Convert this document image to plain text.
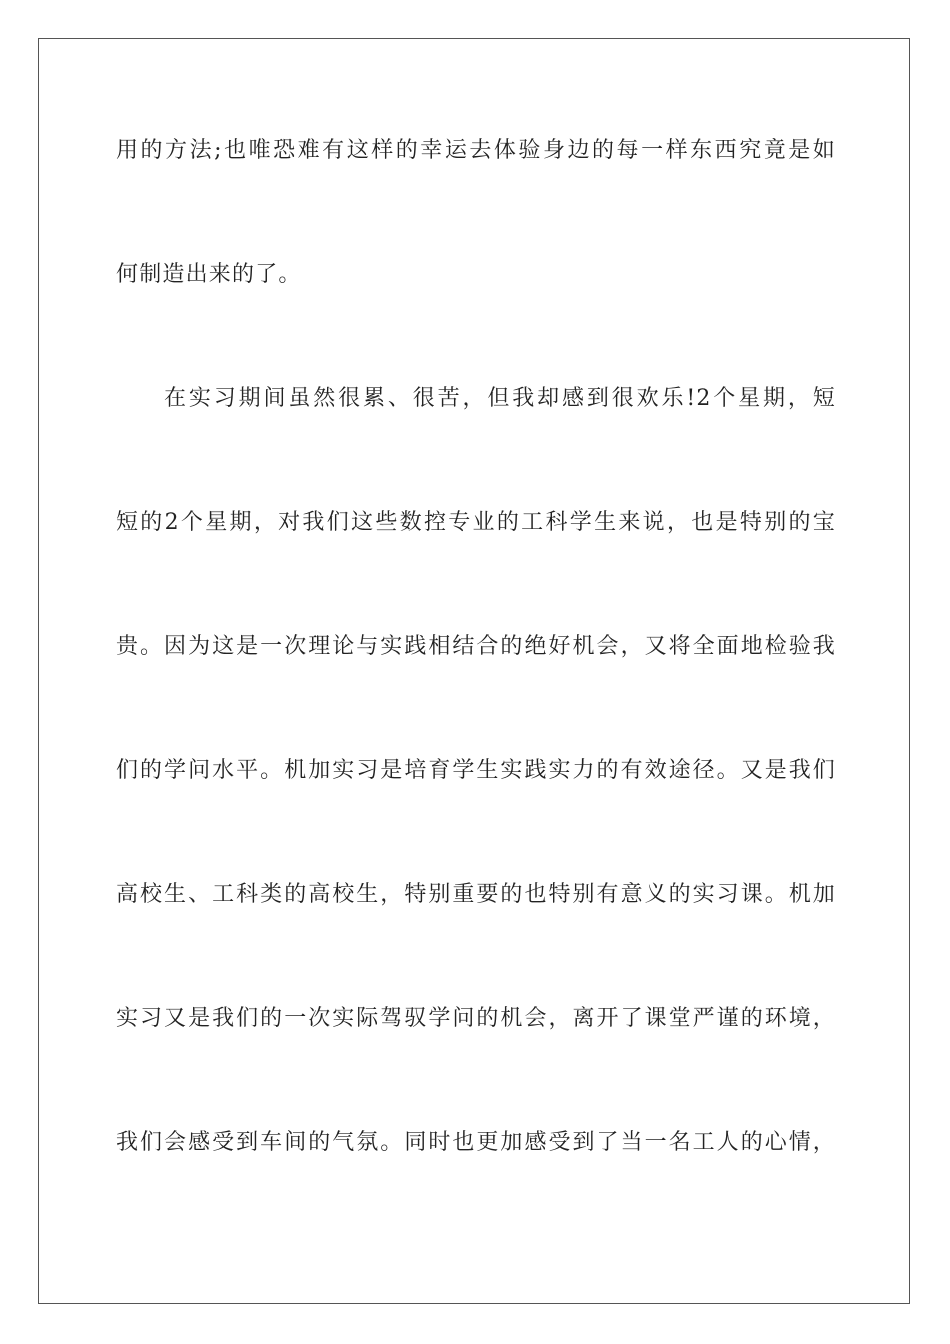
用的方法;也唯恐难有这样的幸运去体验身边的每一样东西究竟是如
何制造出来的了。
在实习期间虽然很累、很苦，但我却感到很欢乐!2个星期，短
短的2个星期，对我们这些数控专业的工科学生来说，也是特别的宝
贵。因为这是一次理论与实践相结合的绝好机会，又将全面地检验我
们的学问水平。机加实习是培育学生实践实力的有效途径。又是我们
高校生、工科类的高校生，特别重要的也特别有意义的实习课。机加
实习又是我们的一次实际驾驭学问的机会，离开了课堂严谨的环境，
我们会感受到车间的气氛。同时也更加感受到了当一名工人的心情，
